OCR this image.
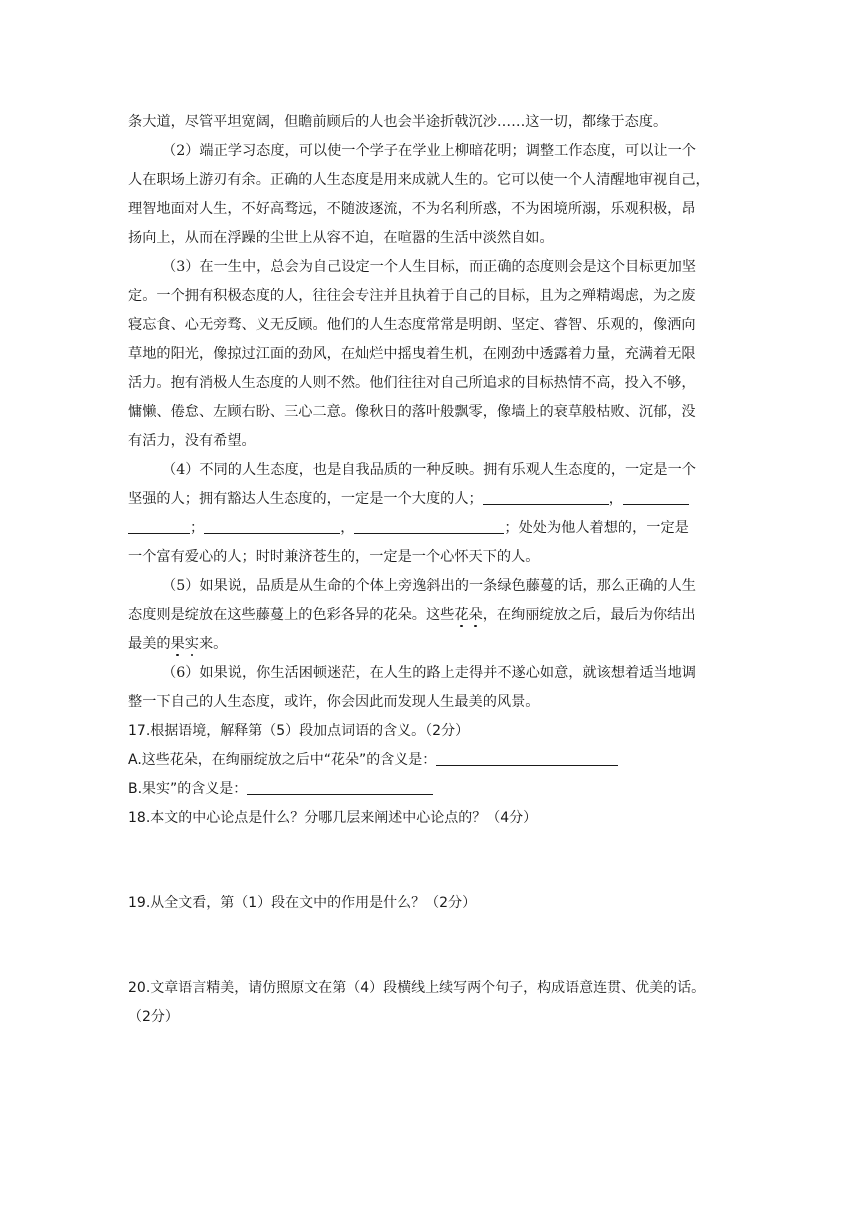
条大道，尽管平坦宽阔，但瞻前顾后的人也会半途折戟沉沙……这一切，都缘于态度。
（2）端正学习态度，可以使一个学子在学业上柳暗花明；调整工作态度，可以让一个
人在职场上游刃有余。正确的人生态度是用来成就人生的。它可以使一个人清醒地审视自己，
理智地面对人生，不好高骛远，不随波逐流，不为名利所惑，不为困境所溺，乐观积极，昂
扬向上，从而在浮躁的尘世上从容不迫，在喧嚣的生活中淡然自如。
（3）在一生中，总会为自己设定一个人生目标，而正确的态度则会是这个目标更加坚
定。一个拥有积极态度的人，往往会专注并且执着于自己的目标，且为之殚精竭虑，为之废
寝忘食、心无旁骛、义无反顾。他们的人生态度常常是明朗、坚定、睿智、乐观的，像洒向
草地的阳光，像掠过江面的劲风，在灿烂中摇曳着生机，在刚劲中透露着力量，充满着无限
活力。抱有消极人生态度的人则不然。他们往往对自己所追求的目标热情不高，投入不够，
慵懒、倦怠、左顾右盼、三心二意。像秋日的落叶般飘零，像墙上的衰草般枯败、沉郁，没
有活力，没有希望。
（4）不同的人生态度，也是自我品质的一种反映。拥有乐观人生态度的，一定是一个
坚强的人；拥有豁达人生态度的，一定是一个大度的人；	，
；	，	；处处为他人着想的，一定是
一个富有爱心的人；时时兼济苍生的，一定是一个心怀天下的人。
（5）如果说，品质是从生命的个体上旁逸斜出的一条绿色藤蔓的话，那么正确的人生
态度则是绽放在这些藤蔓上的色彩各异的花朵。这些花朵，在绚丽绽放之后，最后为你结出
最美的果实来。
（6）如果说，你生活困顿迷茫，在人生的路上走得并不遂心如意，就该想着适当地调
整一下自己的人生态度，或许，你会因此而发现人生最美的风景。
17.根据语境，解释第（5）段加点词语的含义。（2分）
A.这些花朵，在绚丽绽放之后中“花朵”的含义是：
B.果实”的含义是：
18.本文的中心论点是什么？分哪几层来阐述中心论点的？（4分）
19.从全文看，第（1）段在文中的作用是什么？（2分）
20.文章语言精美，请仿照原文在第（4）段横线上续写两个句子，构成语意连贯、优美的话。
（2分）
